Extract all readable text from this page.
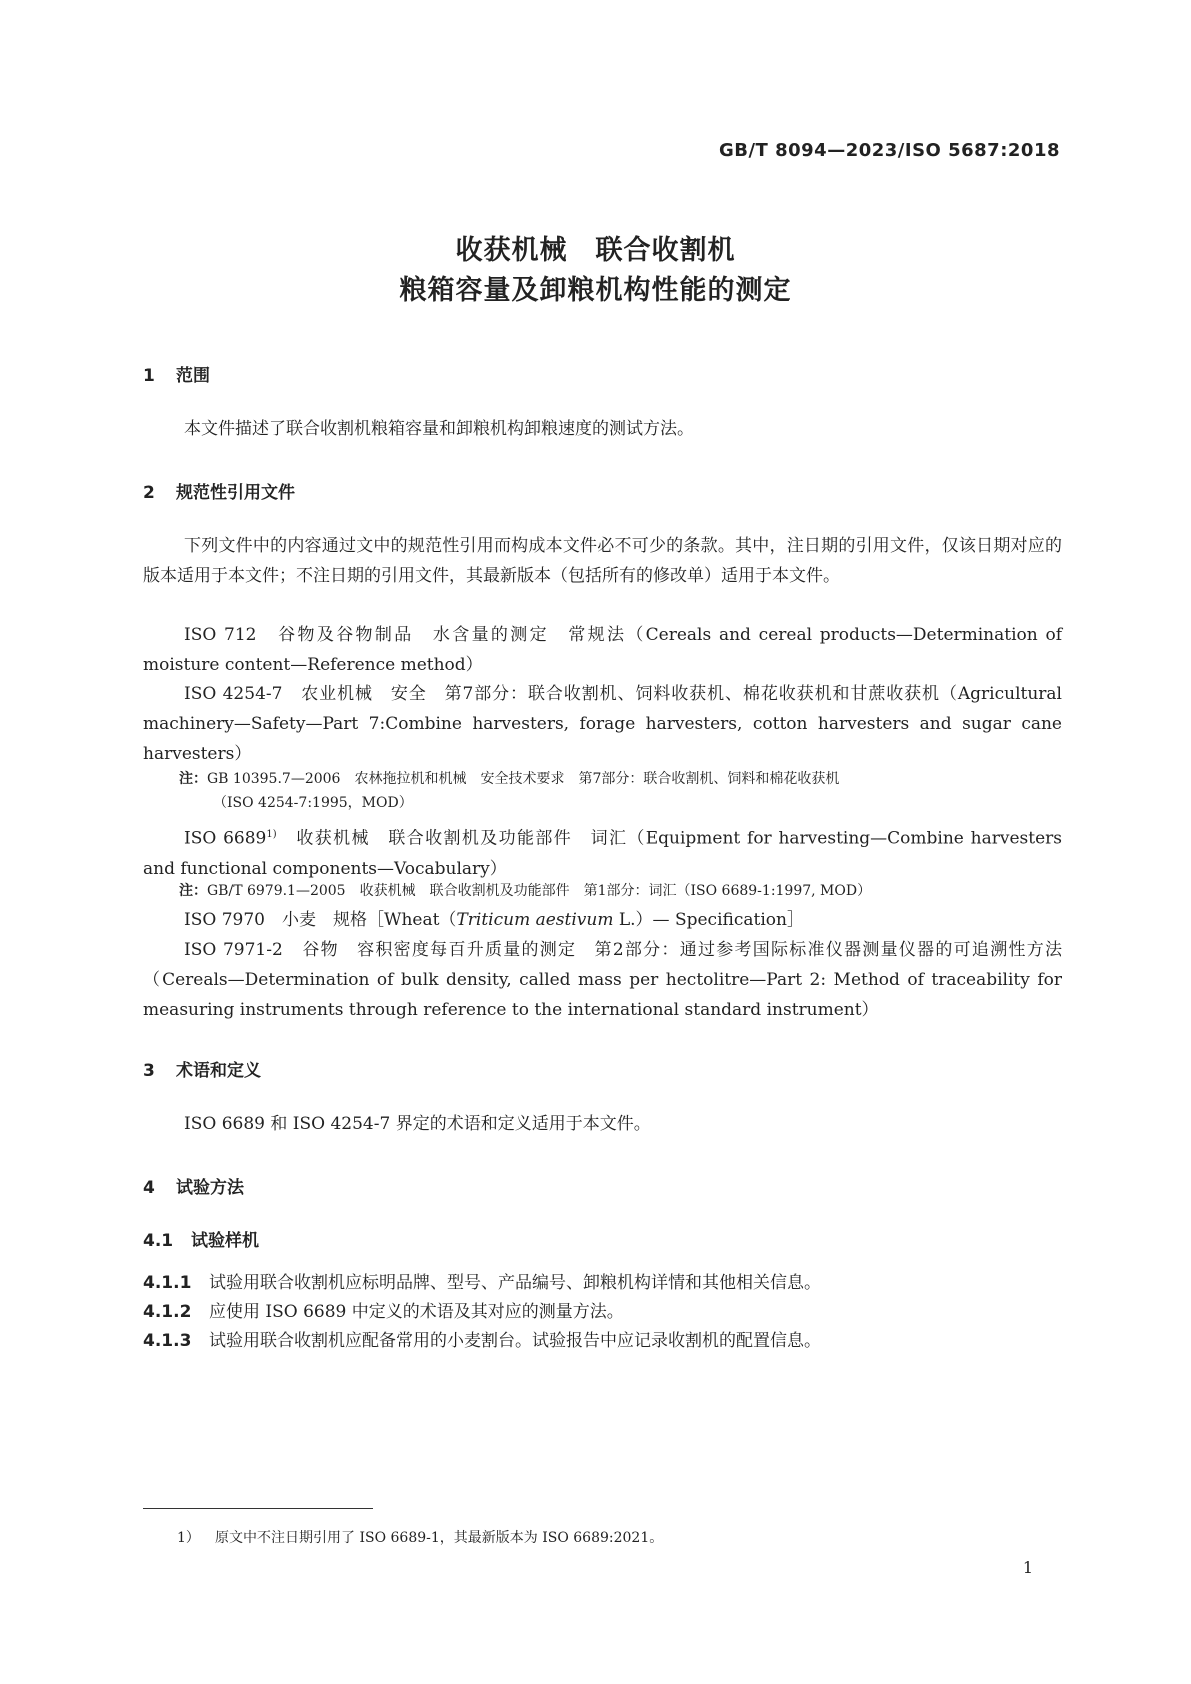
GB/T 8094—2023/ISO 5687:2018
收获机械　联合收割机
粮箱容量及卸粮机构性能的测定
1 范围
本文件描述了联合收割机粮箱容量和卸粮机构卸粮速度的测试方法。
2 规范性引用文件
下列文件中的内容通过文中的规范性引用而构成本文件必不可少的条款。其中，注日期的引用文件，仅该日期对应的版本适用于本文件；不注日期的引用文件，其最新版本（包括所有的修改单）适用于本文件。
ISO 712　谷物及谷物制品　水含量的测定　常规法（Cereals and cereal products—Determination of moisture content—Reference method）
ISO 4254-7　农业机械　安全　第7部分：联合收割机、饲料收获机、棉花收获机和甘蔗收获机（Agricultural machinery—Safety—Part 7:Combine harvesters, forage harvesters, cotton harvesters and sugar cane harvesters）
注：GB 10395.7—2006　农林拖拉机和机械　安全技术要求　第7部分：联合收割机、饲料和棉花收获机
（ISO 4254-7:1995，MOD）
ISO 6689$^{1)}$　收获机械　联合收割机及功能部件　词汇（Equipment for harvesting—Combine harvesters and functional components—Vocabulary）
注：GB/T 6979.1—2005　收获机械　联合收割机及功能部件　第1部分：词汇（ISO 6689-1:1997, MOD）
ISO 7970　小麦　规格［Wheat（Triticum aestivum L.）— Specification］
ISO 7971-2　谷物　容积密度每百升质量的测定　第2部分：通过参考国际标准仪器测量仪器的可追溯性方法（Cereals—Determination of bulk density, called mass per hectolitre—Part 2: Method of traceability for measuring instruments through reference to the international standard instrument）
3 术语和定义
ISO 6689 和 ISO 4254-7 界定的术语和定义适用于本文件。
4 试验方法
4.1 试验样机
4.1.1 试验用联合收割机应标明品牌、型号、产品编号、卸粮机构详情和其他相关信息。
4.1.2 应使用 ISO 6689 中定义的术语及其对应的测量方法。
4.1.3 试验用联合收割机应配备常用的小麦割台。试验报告中应记录收割机的配置信息。
1） 原文中不注日期引用了 ISO 6689-1，其最新版本为 ISO 6689:2021。
1
